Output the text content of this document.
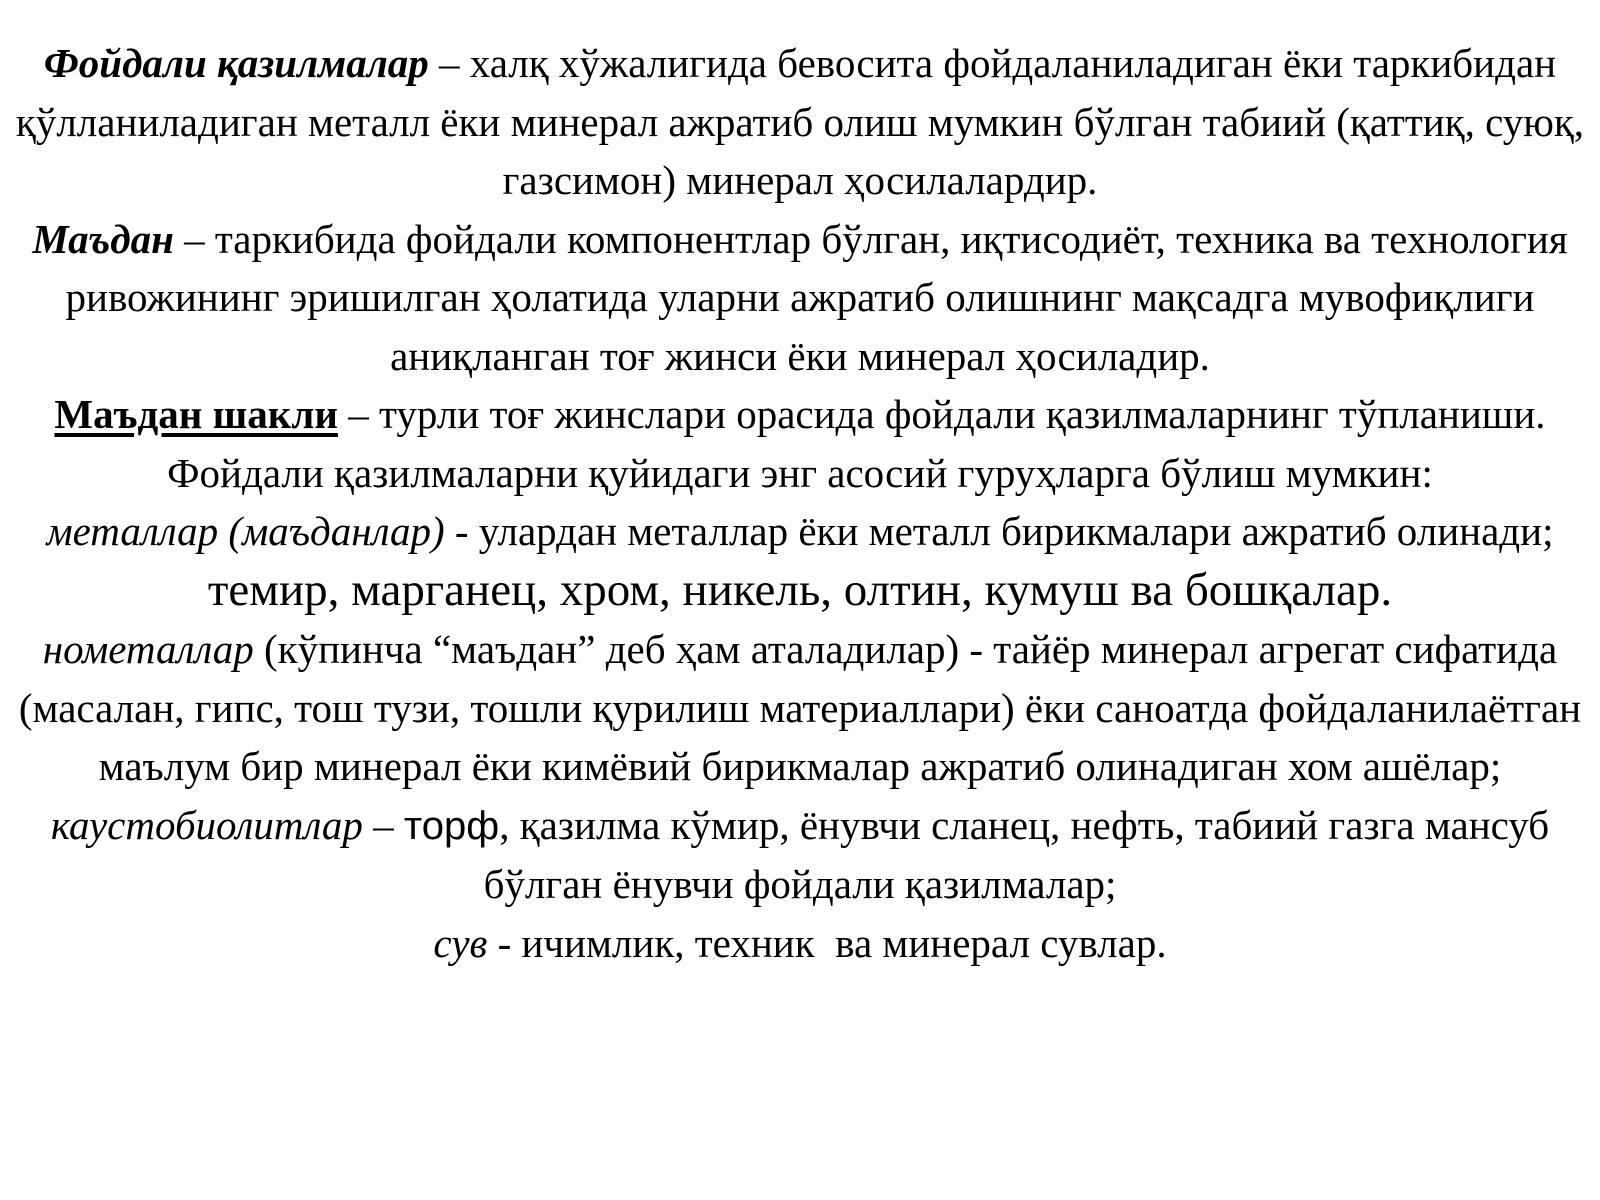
Фойдали қазилмалар – халқ хўжалигида бевосита фойдаланиладиган ёки таркибидан қўлланиладиган металл ёки минерал ажратиб олиш мумкин бўлган табиий (қаттиқ, суюқ, газсимон) минерал ҳосилалардир.

Маъдан – таркибида фойдали компонентлар бўлган, иқтисодиёт, техника ва технология ривожининг эришилган ҳолатида уларни ажратиб олишнинг мақсадга мувофиқлиги аниқланган тоғ жинси ёки минерал ҳосиладир.

Маъдан шакли – турли тоғ жинслари орасида фойдали қазилмаларнинг тўпланиши. Фойдали қазилмаларни қуйидаги энг асосий гуруҳларга бўлиш мумкин:

металлар (маъданлар) - улардан металлар ёки металл бирикмалари ажратиб олинади; темир, марганец, хром, никель, олтин, кумуш ва бошқалар.

нометаллар (кўпинча “маъдан” деб ҳам аталадилар) - тайёр минерал агрегат сифатида (масалан, гипс, тош тузи, тошли қурилиш материаллари) ёки саноатда фойдаланилаётган маълум бир минерал ёки кимёвий бирикмалар ажратиб олинадиган хом ашёлар;

каустобиолитлар – торф, қазилма кўмир, ёнувчи сланец, нефть, табиий газга мансуб бўлган ёнувчи фойдали қазилмалар;

сув - ичимлик, техник  ва минерал сувлар.
